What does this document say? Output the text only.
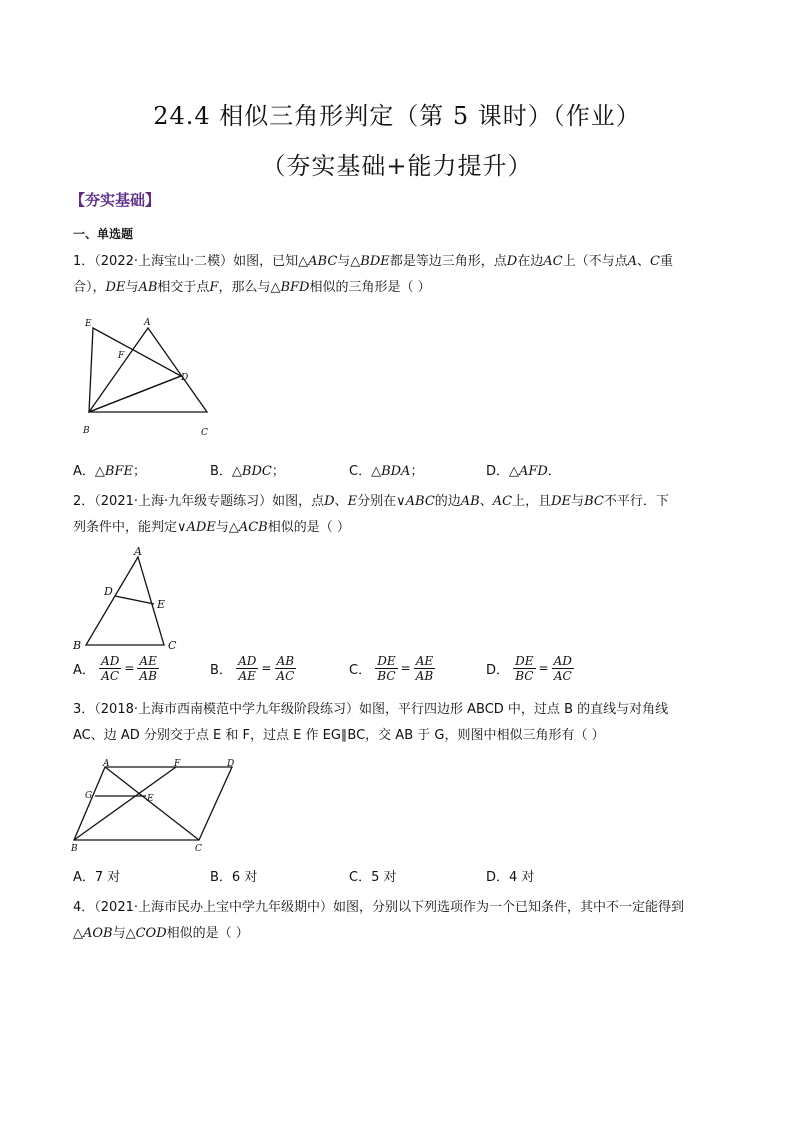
24.4 相似三角形判定（第 5 课时）（作业）
（夯实基础+能力提升）
【夯实基础】
一、单选题
1．（2022·上海宝山·二模）如图，已知△ABC与△BDE都是等边三角形，点D在边AC上（不与点A、C重
合），DE与AB相交于点F，那么与△BFD相似的三角形是（ ）
E	A
F
D
B	C
A．△BFE；	B．△BDC；	C．△BDA；	D．△AFD．
2．（2021·上海·九年级专题练习）如图，点D、E分别在∨ABC的边AB、AC上，且DE与BC不平行．下
列条件中，能判定∨ADE与△ACB相似的是（ ）
A
D
E
B	C
A． $\frac{AD}{AC} = \frac{AE}{AB}$	B． $\frac{AD}{AE} = \frac{AB}{AC}$	C． $\frac{DE}{BC} = \frac{AE}{AB}$	D． $\frac{DE}{BC} = \frac{AD}{AC}$
3．（2018·上海市西南模范中学九年级阶段练习）如图，平行四边形 ABCD 中，过点 B 的直线与对角线
AC、边 AD 分别交于点 E 和 F，过点 E 作 EG∥BC，交 AB 于 G，则图中相似三角形有（ ）
A	F	D
G	E
B	C
A．7 对	B．6 对	C．5 对	D．4 对
4．（2021·上海市民办上宝中学九年级期中）如图，分别以下列选项作为一个已知条件，其中不一定能得到
△AOB与△COD相似的是（ ）
